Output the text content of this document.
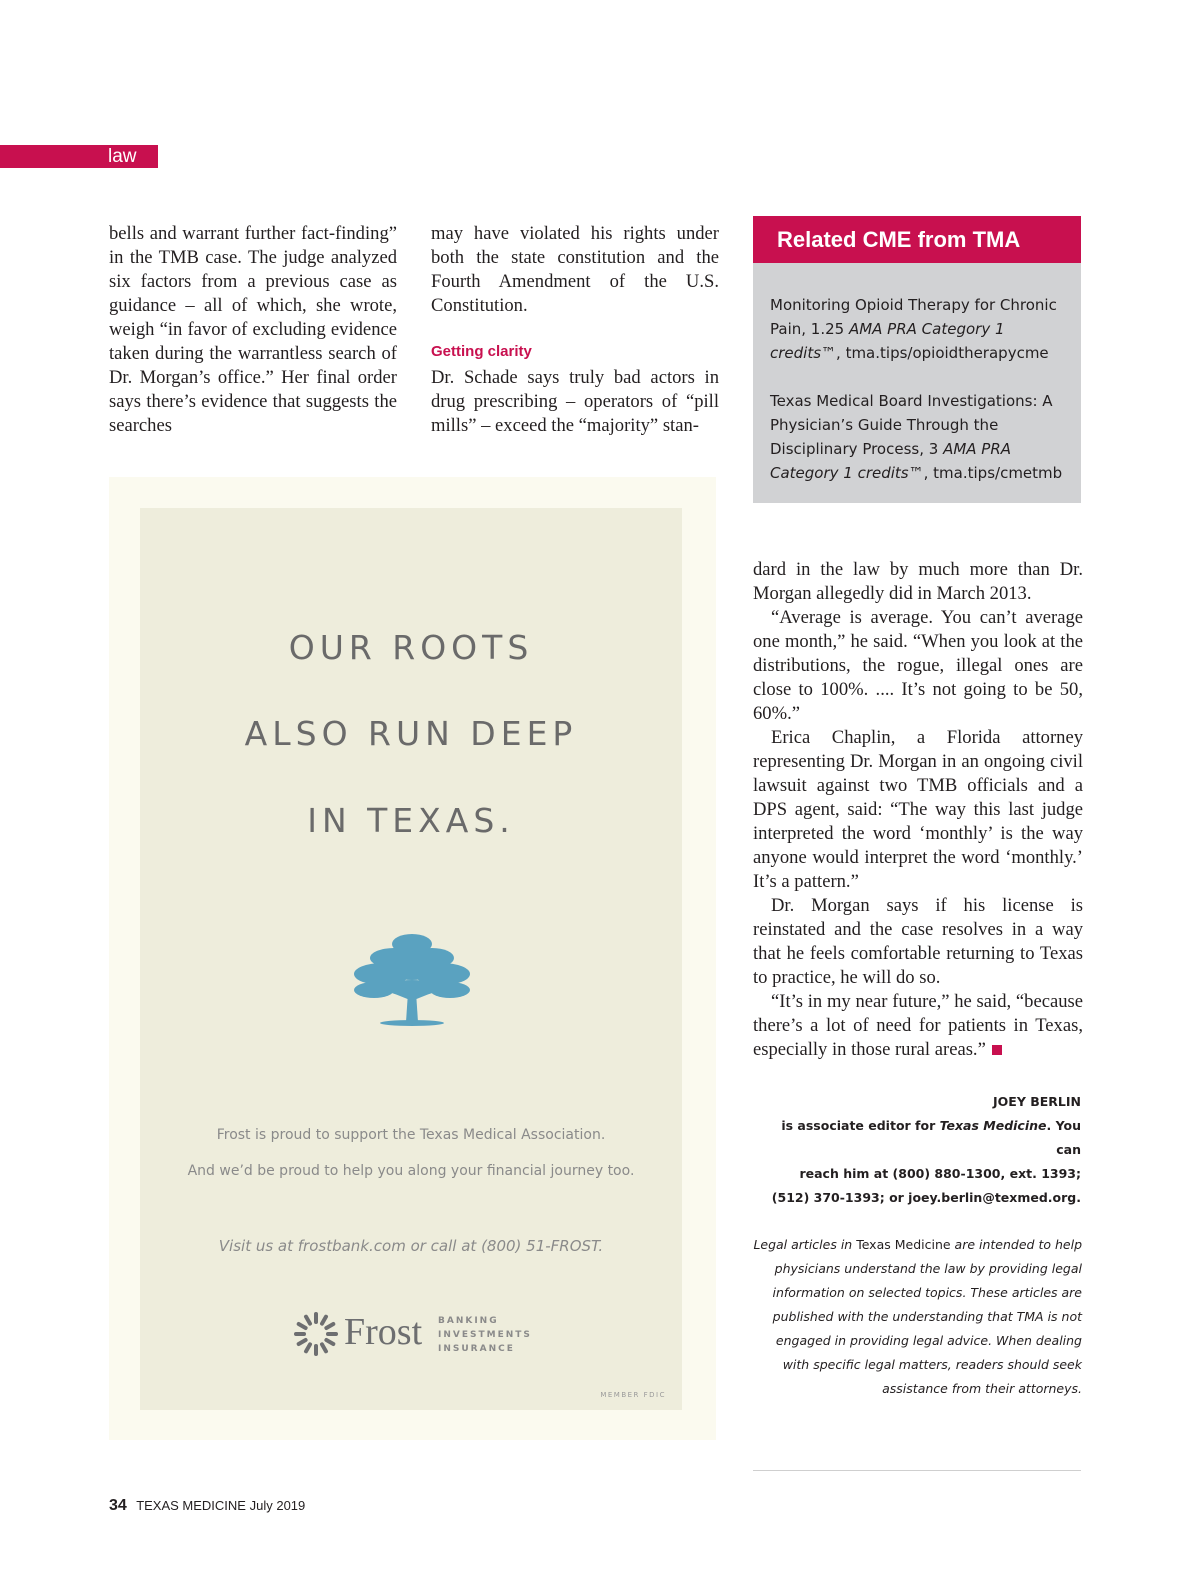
law

bells and warrant further fact-finding” in the TMB case. The judge analyzed six factors from a previous case as guidance – all of which, she wrote, weigh “in favor of excluding evidence taken during the warrantless search of Dr. Morgan’s office.” Her final order says there’s evidence that suggests the searches

may have violated his rights under both the state constitution and the Fourth Amendment of the U.S. Constitution.

Getting clarity

Dr. Schade says truly bad actors in drug prescribing – operators of “pill mills” – exceed the “majority” stan-

Related CME from TMA

Monitoring Opioid Therapy for Chronic Pain, 1.25 AMA PRA Category 1 credits™, tma.tips/opioidtherapycme

Texas Medical Board Investigations: A Physician’s Guide Through the Disciplinary Process, 3 AMA PRA Category 1 credits™, tma.tips/cmetmb

OUR ROOTS
ALSO RUN DEEP
IN TEXAS.
Frost is proud to support the Texas Medical Association.
And we’d be proud to help you along your financial journey too.
Visit us at frostbank.com or call at (800) 51-FROST.
Frost BANKING
INVESTMENTS
INSURANCE
MEMBER FDIC

dard in the law by much more than Dr. Morgan allegedly did in March 2013.

“Average is average. You can’t average one month,” he said. “When you look at the distributions, the rogue, illegal ones are close to 100%. .... It’s not going to be 50, 60%.”

Erica Chaplin, a Florida attorney representing Dr. Morgan in an ongoing civil lawsuit against two TMB officials and a DPS agent, said: “The way this last judge interpreted the word ‘monthly’ is the way anyone would interpret the word ‘monthly.’ It’s a pattern.”

Dr. Morgan says if his license is reinstated and the case resolves in a way that he feels comfortable returning to Texas to practice, he will do so.

“It’s in my near future,” he said, “because there’s a lot of need for patients in Texas, especially in those rural areas.”

JOEY BERLIN
is associate editor for Texas Medicine. You can
reach him at (800) 880-1300, ext. 1393;
(512) 370-1393; or joey.berlin@texmed.org.
Legal articles in Texas Medicine are intended to help physicians understand the law by providing legal information on selected topics. These articles are published with the understanding that TMA is not engaged in providing legal advice. When dealing with specific legal matters, readers should seek assistance from their attorneys.
34 TEXAS MEDICINE July 2019
